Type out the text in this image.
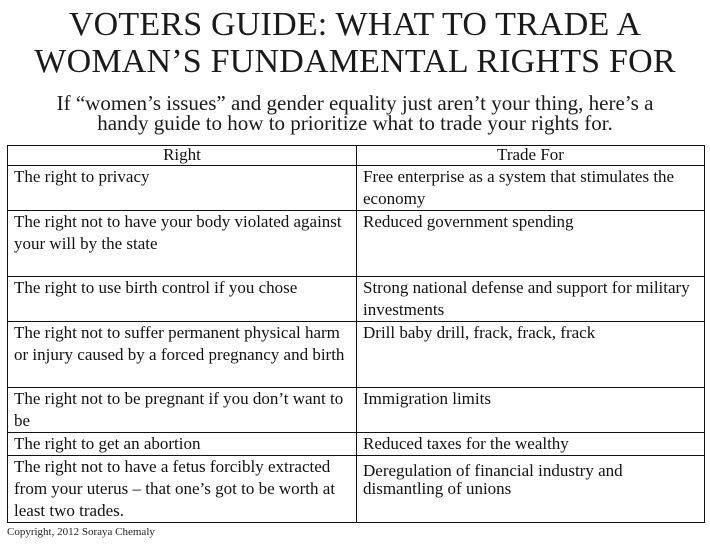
VOTERS GUIDE: WHAT TO TRADE A
WOMAN’S FUNDAMENTAL RIGHTS FOR
If “women’s issues” and gender equality just aren’t your thing, here’s a
handy guide to how to prioritize what to trade your rights for.
Right	Trade For
The right to privacy	Free enterprise as a system that stimulates the economy
The right not to have your body violated against your will by the state	Reduced government spending
The right to use birth control if you chose	Strong national defense and support for military investments
The right not to suffer permanent physical harm or injury caused by a forced pregnancy and birth	Drill baby drill, frack, frack, frack
The right not to be pregnant if you don’t want to be	Immigration limits
The right to get an abortion	Reduced taxes for the wealthy
The right not to have a fetus forcibly extracted from your uterus – that one’s got to be worth at least two trades.	Deregulation of financial industry and dismantling of unions
Copyright, 2012 Soraya Chemaly
